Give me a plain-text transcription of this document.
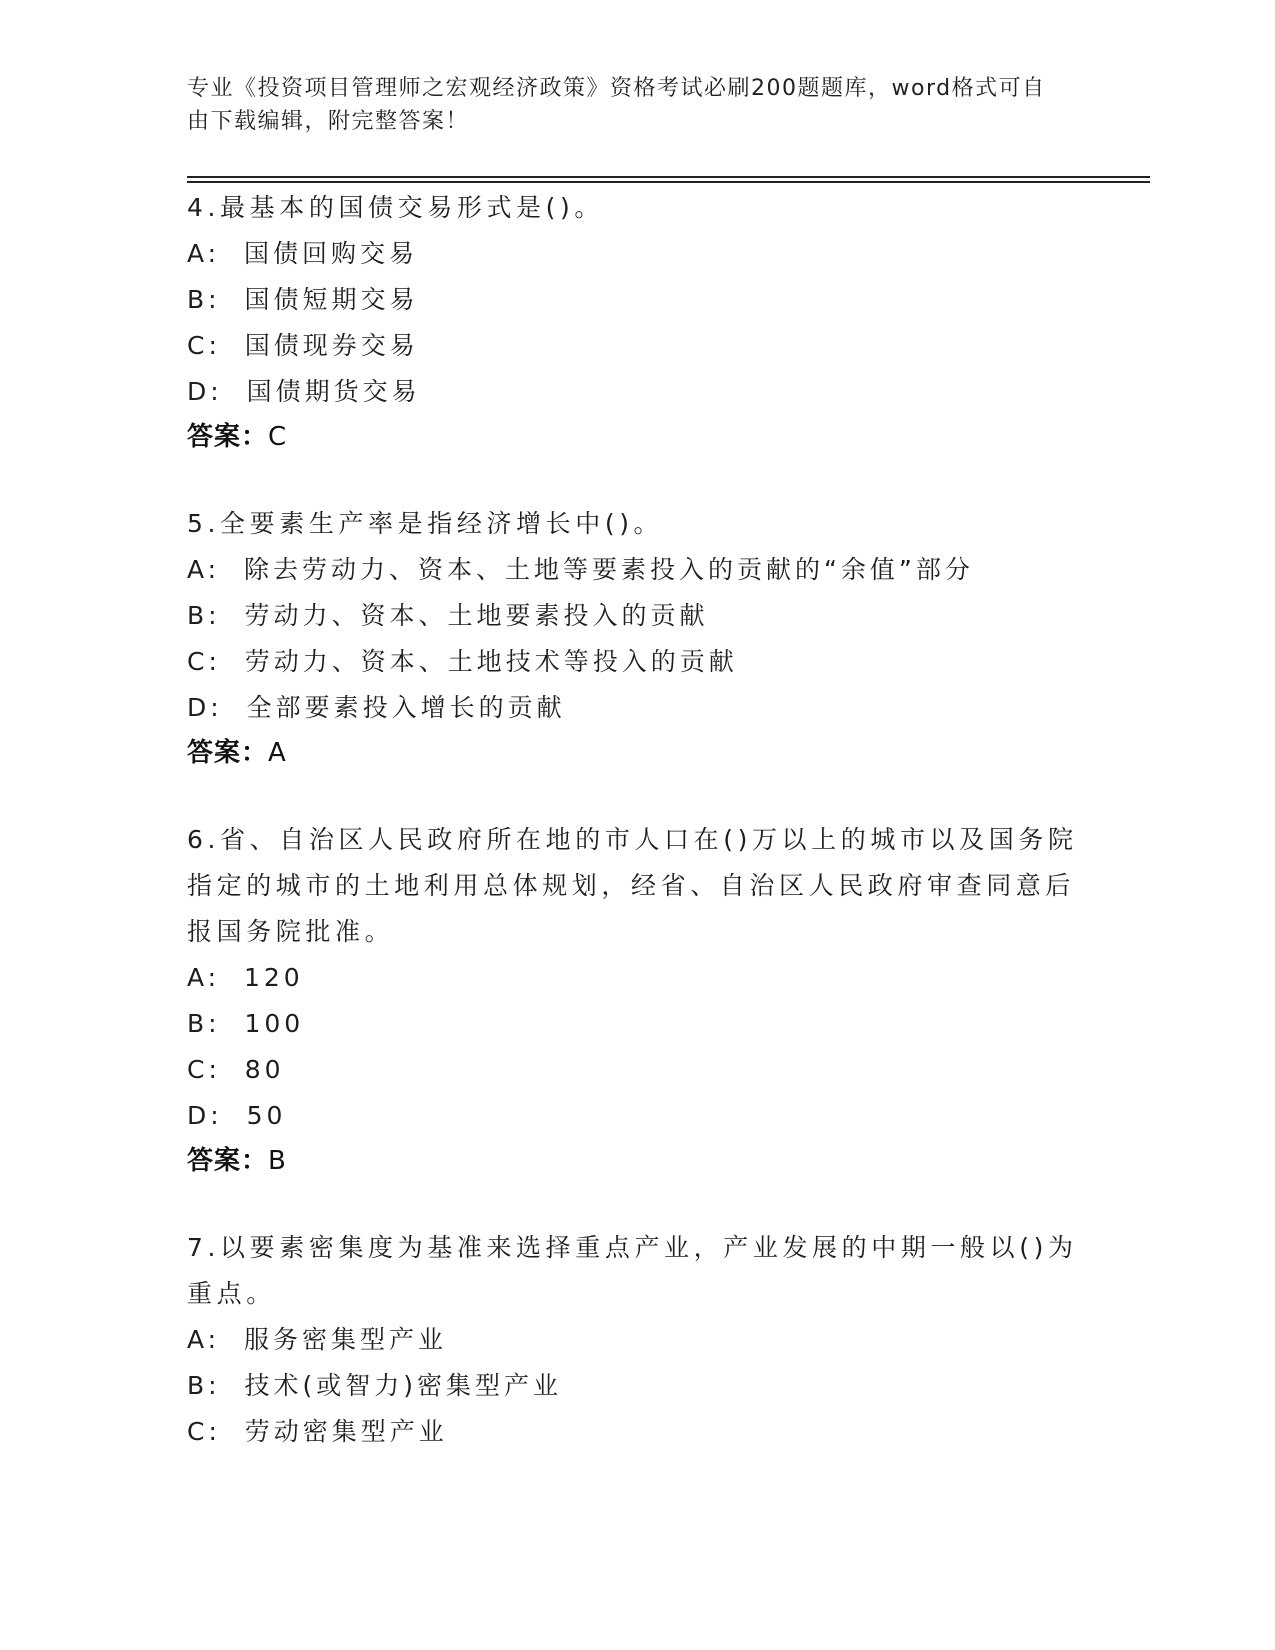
专业《投资项目管理师之宏观经济政策》资格考试必刷200题题库，word格式可自由下载编辑，附完整答案！
4.最基本的国债交易形式是()。
A:  国债回购交易
B:  国债短期交易
C:  国债现券交易
D:  国债期货交易
答案：C
5.全要素生产率是指经济增长中()。
A:  除去劳动力、资本、土地等要素投入的贡献的“余值”部分
B:  劳动力、资本、土地要素投入的贡献
C:  劳动力、资本、土地技术等投入的贡献
D:  全部要素投入增长的贡献
答案：A
6.省、自治区人民政府所在地的市人口在()万以上的城市以及国务院指定的城市的土地利用总体规划，经省、自治区人民政府审查同意后报国务院批准。
A:  120
B:  100
C:  80
D:  50
答案：B
7.以要素密集度为基准来选择重点产业，产业发展的中期一般以()为重点。
A:  服务密集型产业
B:  技术(或智力)密集型产业
C:  劳动密集型产业
